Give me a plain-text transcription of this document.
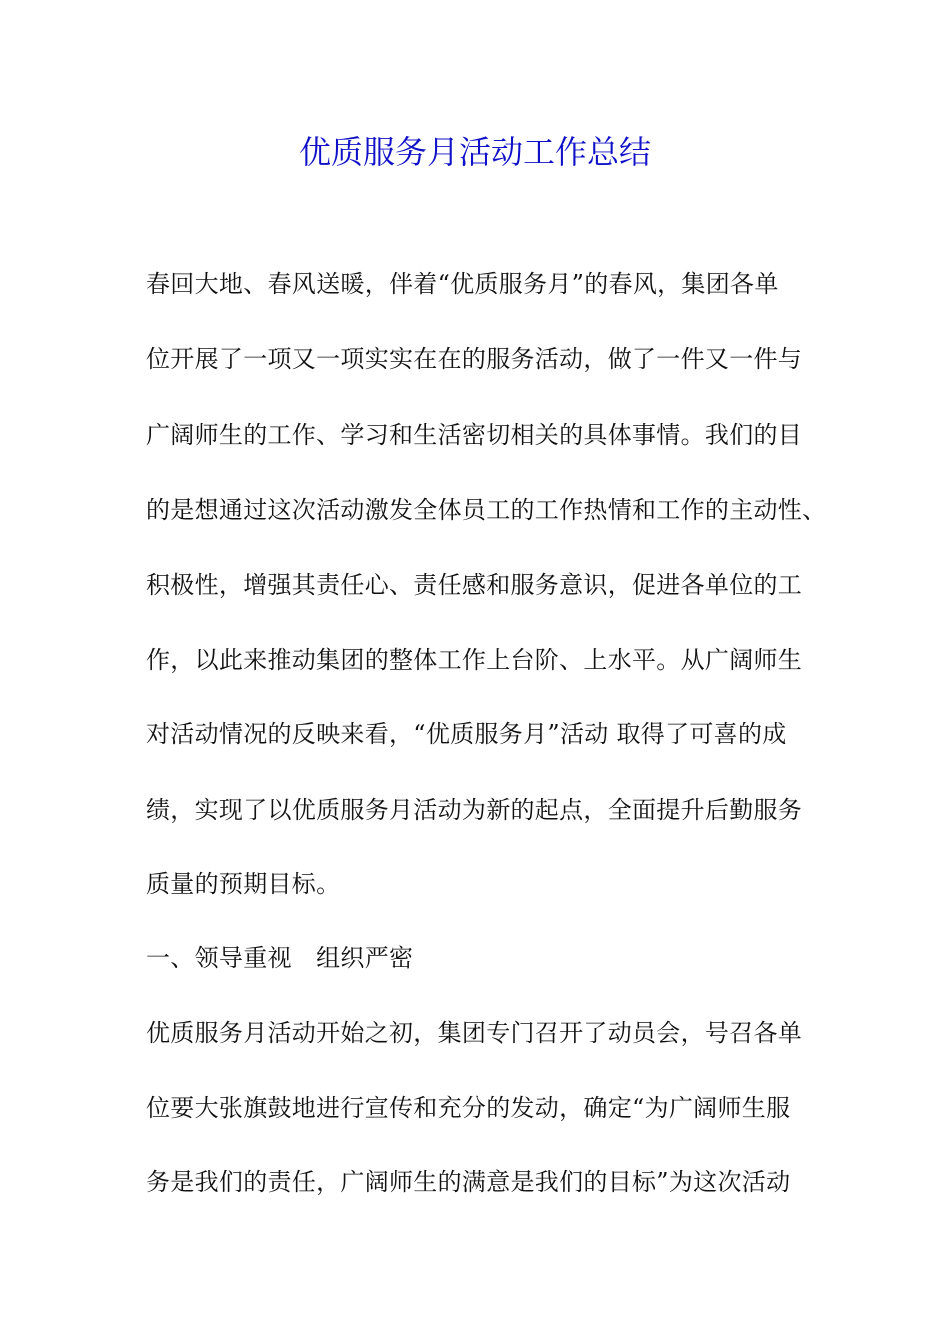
优质服务月活动工作总结
春回大地、春风送暖，伴着“优质服务月”的春风，集团各单
位开展了一项又一项实实在在的服务活动，做了一件又一件与
广阔师生的工作、学习和生活密切相关的具体事情。我们的目
的是想通过这次活动激发全体员工的工作热情和工作的主动性、
积极性，增强其责任心、责任感和服务意识，促进各单位的工
作，以此来推动集团的整体工作上台阶、上水平。从广阔师生
对活动情况的反映来看，“优质服务月”活动 取得了可喜的成
绩，实现了以优质服务月活动为新的起点，全面提升后勤服务
质量的预期目标。
一、领导重视　组织严密
优质服务月活动开始之初，集团专门召开了动员会，号召各单
位要大张旗鼓地进行宣传和充分的发动，确定“为广阔师生服
务是我们的责任，广阔师生的满意是我们的目标”为这次活动
